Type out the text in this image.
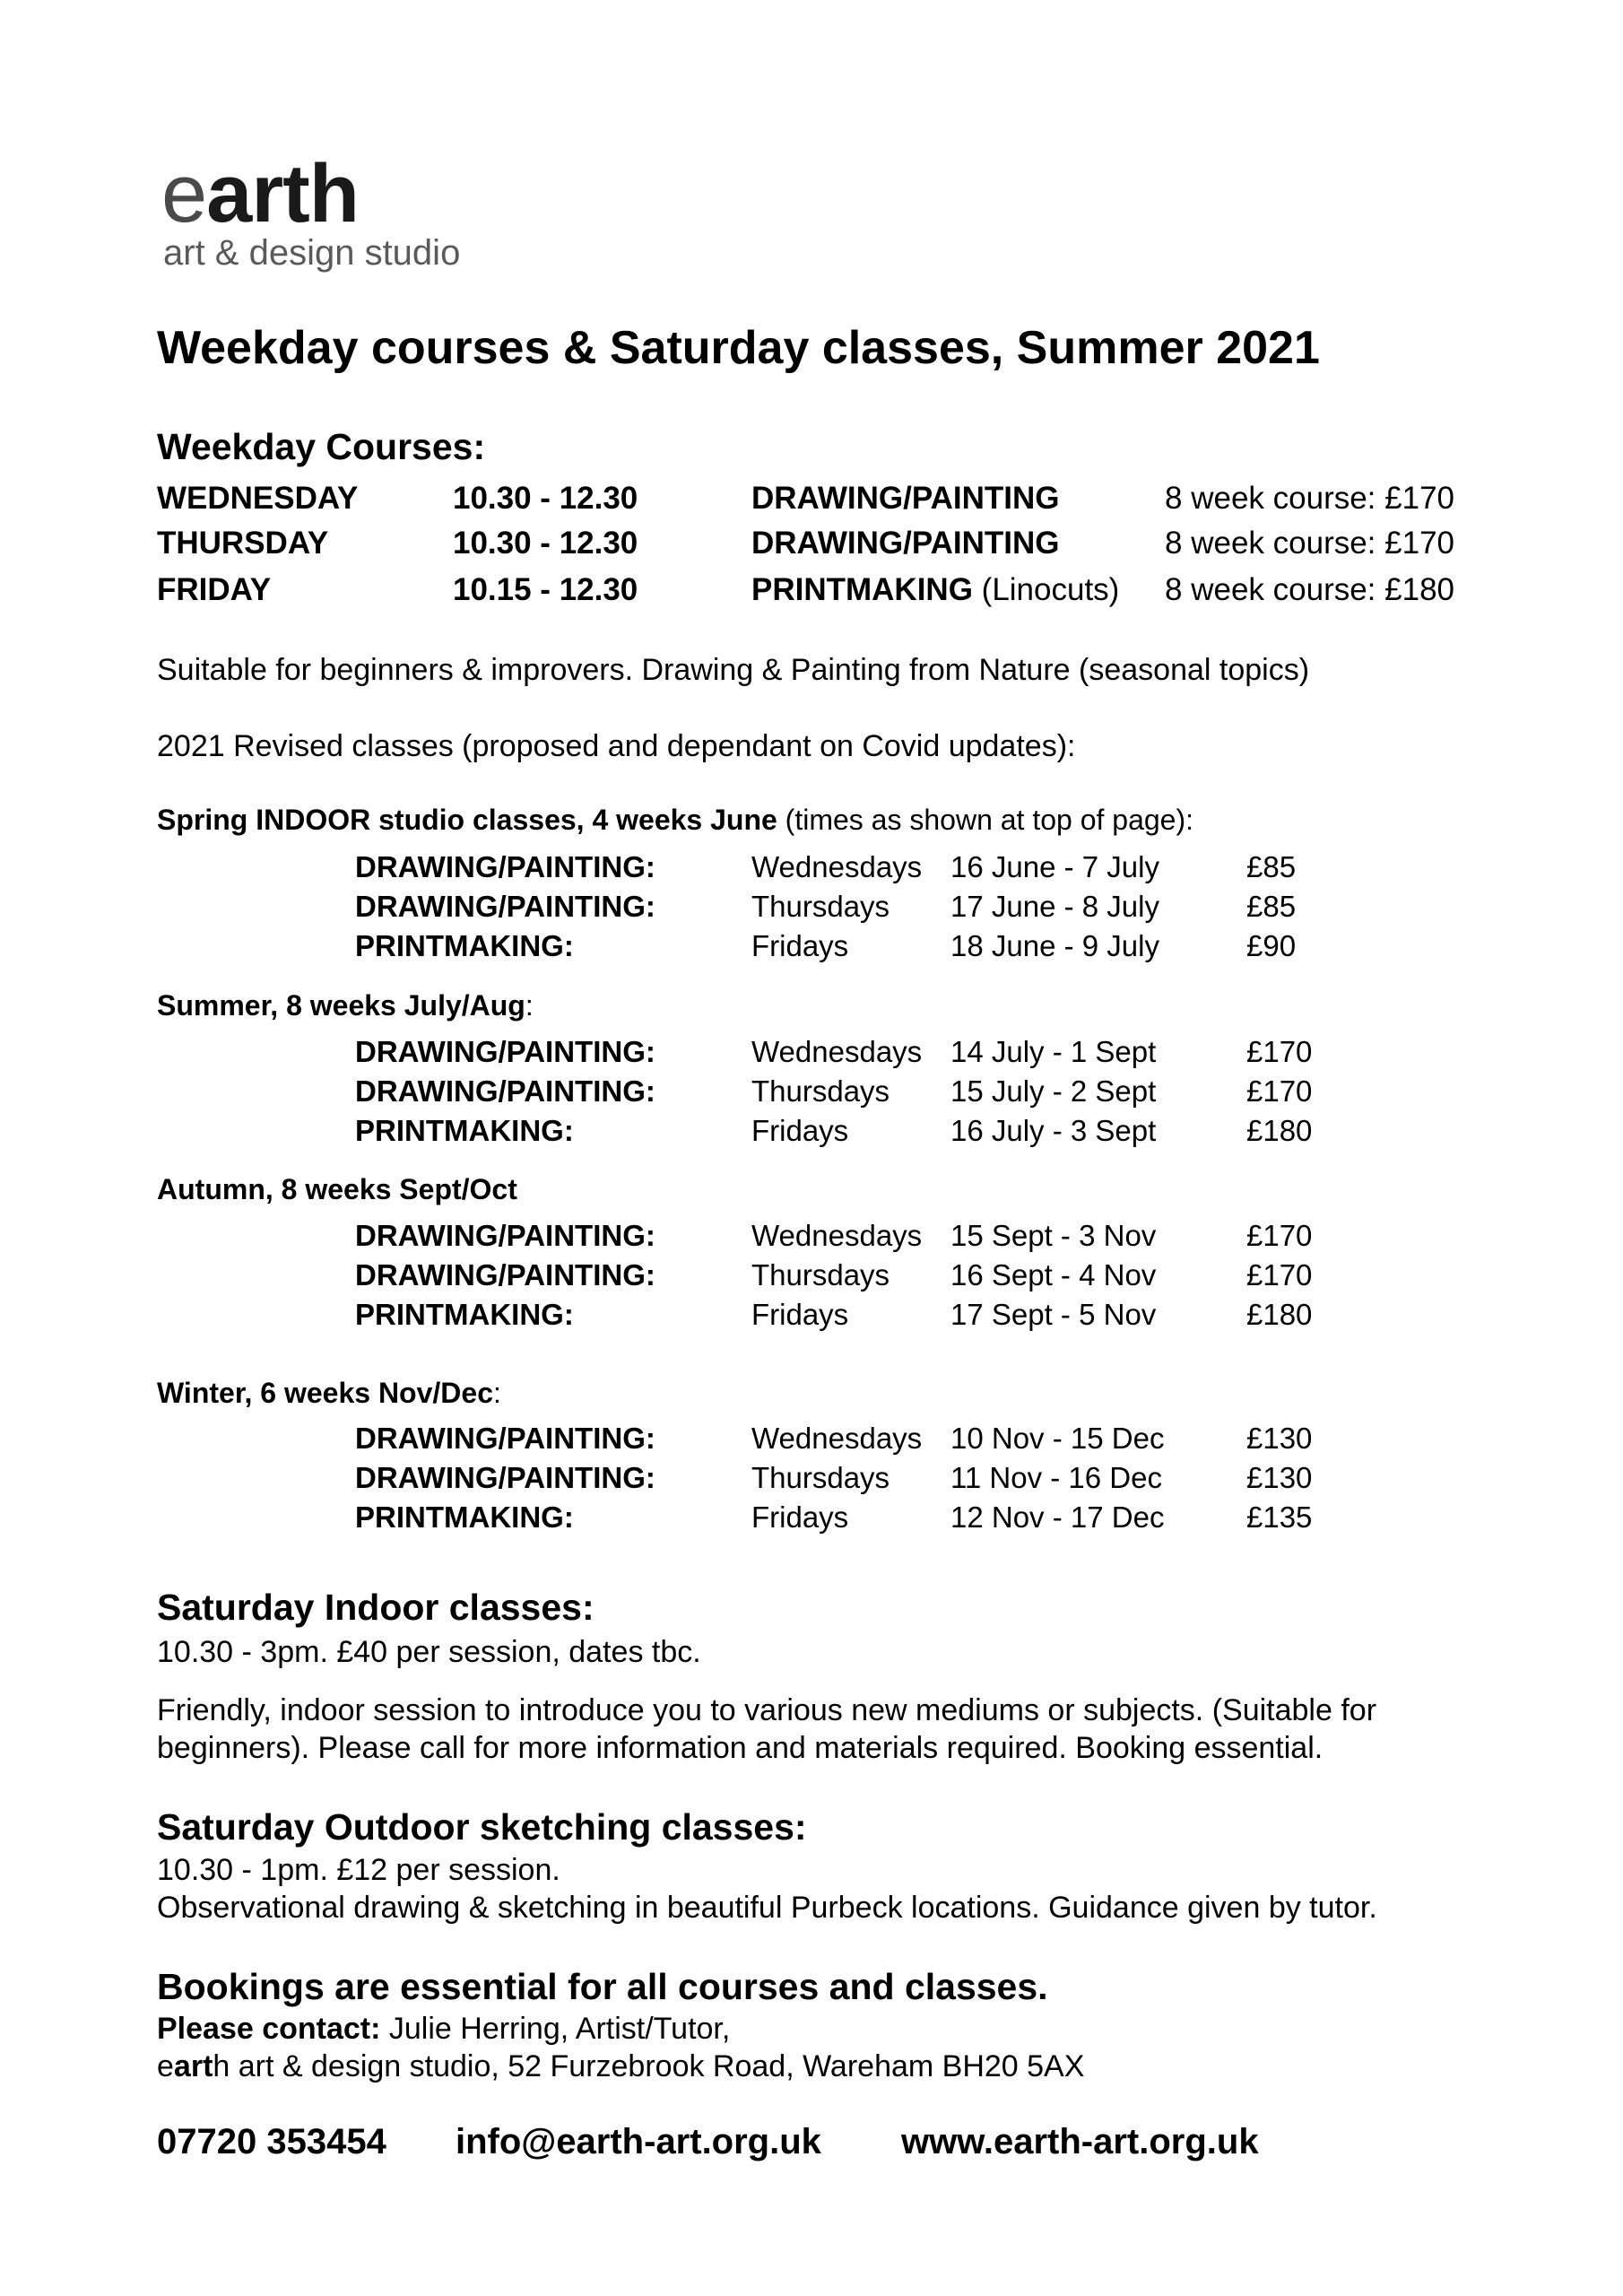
earth
art & design studio
Weekday courses & Saturday classes, Summer 2021
Weekday Courses:
WEDNESDAY	10.30 - 12.30	DRAWING/PAINTING	8 week course: £170
THURSDAY	10.30 - 12.30	DRAWING/PAINTING	8 week course: £170
FRIDAY	10.15 - 12.30	PRINTMAKING (Linocuts) 8 week course: £180
Suitable for beginners & improvers. Drawing & Painting from Nature (seasonal topics)
2021 Revised classes (proposed and dependant on Covid updates):
Spring INDOOR studio classes, 4 weeks June (times as shown at top of page):
DRAWING/PAINTING:	Wednesdays 16 June - 7 July	£85
DRAWING/PAINTING:	Thursdays 17 June - 8 July	£85
PRINTMAKING:	Fridays	18 June - 9 July	£90
Summer, 8 weeks July/Aug:
DRAWING/PAINTING:	Wednesdays 14 July - 1 Sept	£170
DRAWING/PAINTING:	Thursdays 15 July - 2 Sept	£170
PRINTMAKING:	Fridays	16 July - 3 Sept	£180
Autumn, 8 weeks Sept/Oct
DRAWING/PAINTING:	Wednesdays 15 Sept - 3 Nov	£170
DRAWING/PAINTING:	Thursdays 16 Sept - 4 Nov	£170
PRINTMAKING:	Fridays	17 Sept - 5 Nov	£180
Winter, 6 weeks Nov/Dec:
DRAWING/PAINTING:	Wednesdays 10 Nov - 15 Dec	£130
DRAWING/PAINTING:	Thursdays 11 Nov - 16 Dec	£130
PRINTMAKING:	Fridays	12 Nov - 17 Dec	£135
Saturday Indoor classes:
10.30 - 3pm. £40 per session, dates tbc.
Friendly, indoor session to introduce you to various new mediums or subjects. (Suitable for
beginners). Please call for more information and materials required. Booking essential.
Saturday Outdoor sketching classes:
10.30 - 1pm. £12 per session.
Observational drawing & sketching in beautiful Purbeck locations. Guidance given by tutor.
Bookings are essential for all courses and classes.
Please contact: Julie Herring, Artist/Tutor,
earth art & design studio, 52 Furzebrook Road, Wareham BH20 5AX
07720 353454 info@earth-art.org.uk www.earth-art.org.uk
